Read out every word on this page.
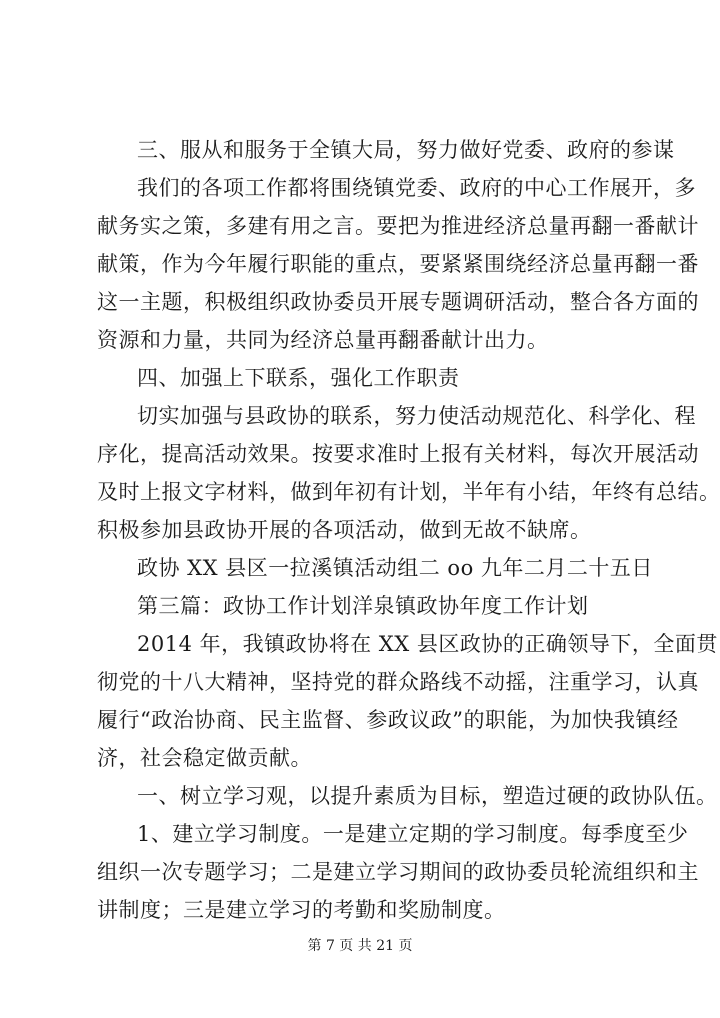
三、服从和服务于全镇大局，努力做好党委、政府的参谋
我们的各项工作都将围绕镇党委、政府的中心工作展开，多
献务实之策，多建有用之言。要把为推进经济总量再翻一番献计
献策，作为今年履行职能的重点，要紧紧围绕经济总量再翻一番
这一主题，积极组织政协委员开展专题调研活动，整合各方面的
资源和力量，共同为经济总量再翻番献计出力。
四、加强上下联系，强化工作职责
切实加强与县政协的联系，努力使活动规范化、科学化、程
序化，提高活动效果。按要求准时上报有关材料，每次开展活动
及时上报文字材料，做到年初有计划，半年有小结，年终有总结。
积极参加县政协开展的各项活动，做到无故不缺席。
政协 XX 县区一拉溪镇活动组二 oo 九年二月二十五日
第三篇：政协工作计划洋泉镇政协年度工作计划
2014 年，我镇政协将在 XX 县区政协的正确领导下，全面贯
彻党的十八大精神，坚持党的群众路线不动摇，注重学习，认真
履行“政治协商、民主监督、参政议政”的职能，为加快我镇经
济，社会稳定做贡献。
一、树立学习观，以提升素质为目标，塑造过硬的政协队伍。
1、建立学习制度。一是建立定期的学习制度。每季度至少
组织一次专题学习；二是建立学习期间的政协委员轮流组织和主
讲制度；三是建立学习的考勤和奖励制度。
第 7 页 共 21 页
